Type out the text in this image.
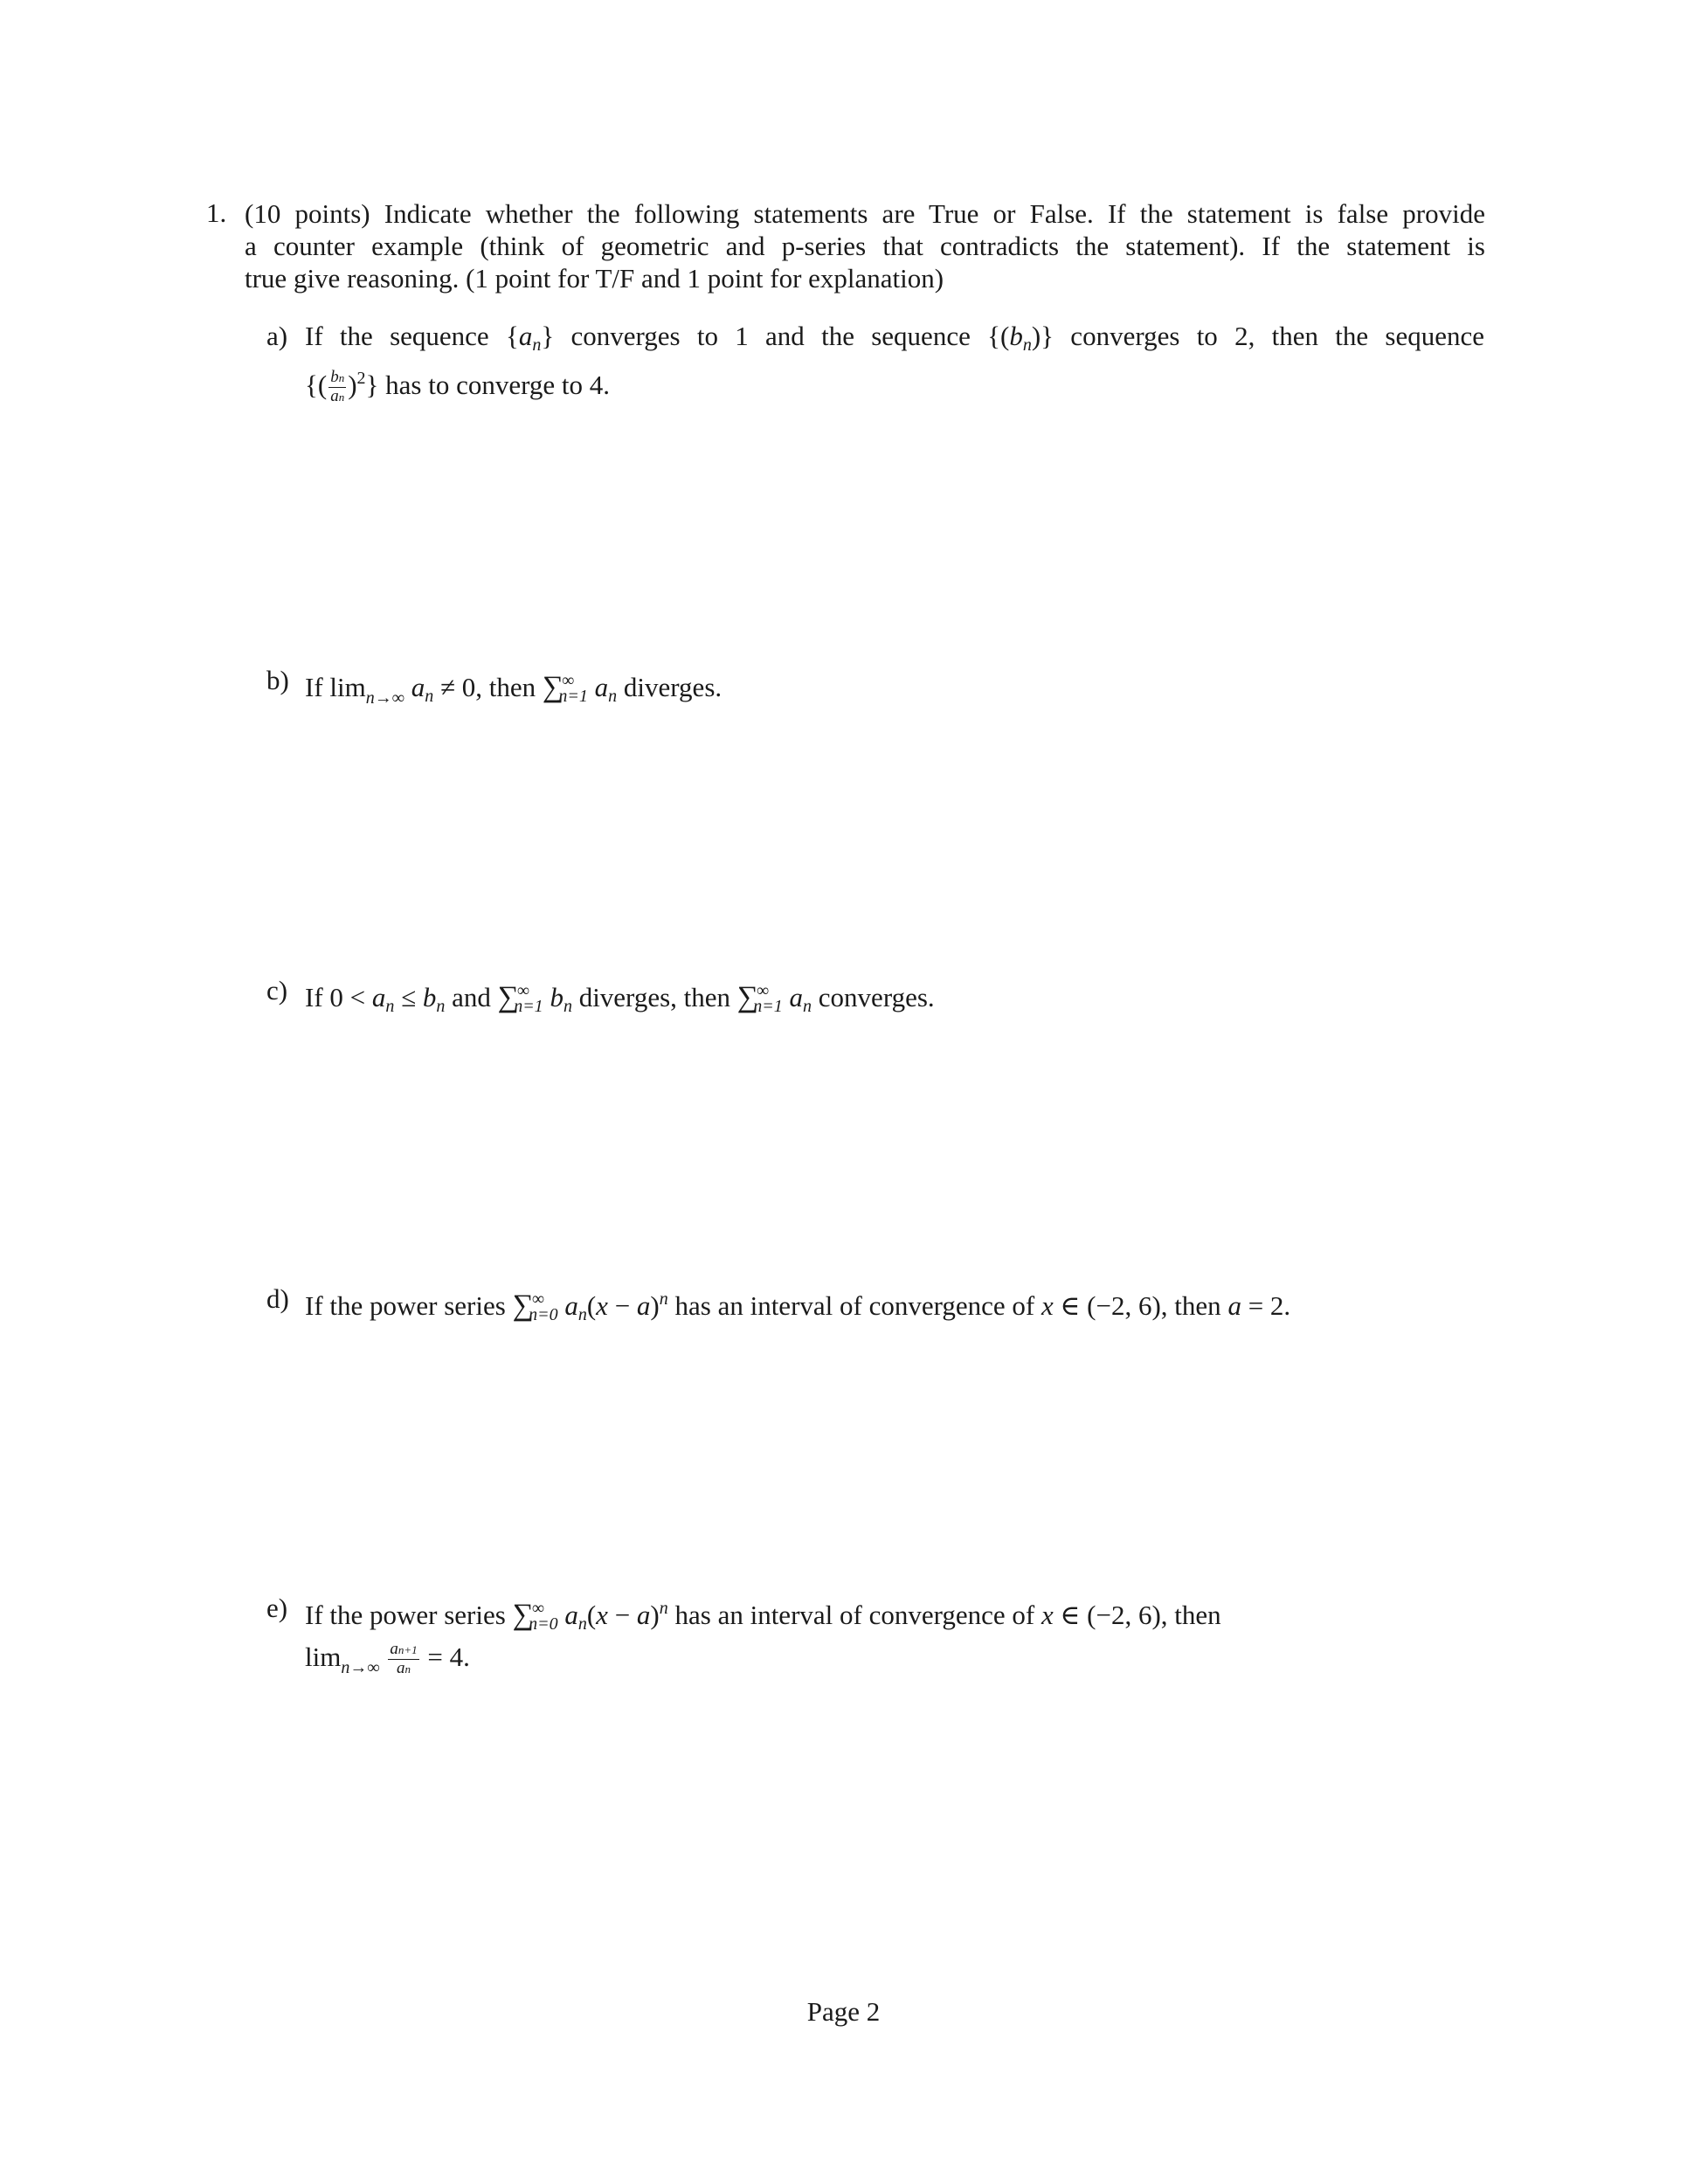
1. (10 points) Indicate whether the following statements are True or False. If the statement is false provide
a counter example (think of geometric and p-series that contradicts the statement). If the statement is
true give reasoning. (1 point for T/F and 1 point for explanation)
a) If the sequence $\{a_n\}$ converges to 1 and the sequence $\{(b_n)\}$ converges to 2, then the sequence
{( $\frac{bn}{an} )^2$} has to converge to 4.
b) If $\lim_{n\to\infty} a_n \ne 0$, then $\sum^\infty_{n=1}$ $a_n$ diverges.
c) If $0 < a_n \le b_n$ and $\sum^\infty_{n=1}$ $b_n$ diverges, then $\sum^\infty_{n=1}$ $a_n$ converges.
d) If the power series $\sum^\infty_{n=0}$ $a_n(x - a)^n$ has an interval of convergence of x ∈ (−2, 6), then a = 2.
e) If the power series $\sum^\infty_{n=0}$ $a_n(x - a)^n$ has an interval of convergence of x ∈ (−2, 6), then
$\lim_{n\to\infty} \frac{an+1}{an} = 4$.
Page 2
